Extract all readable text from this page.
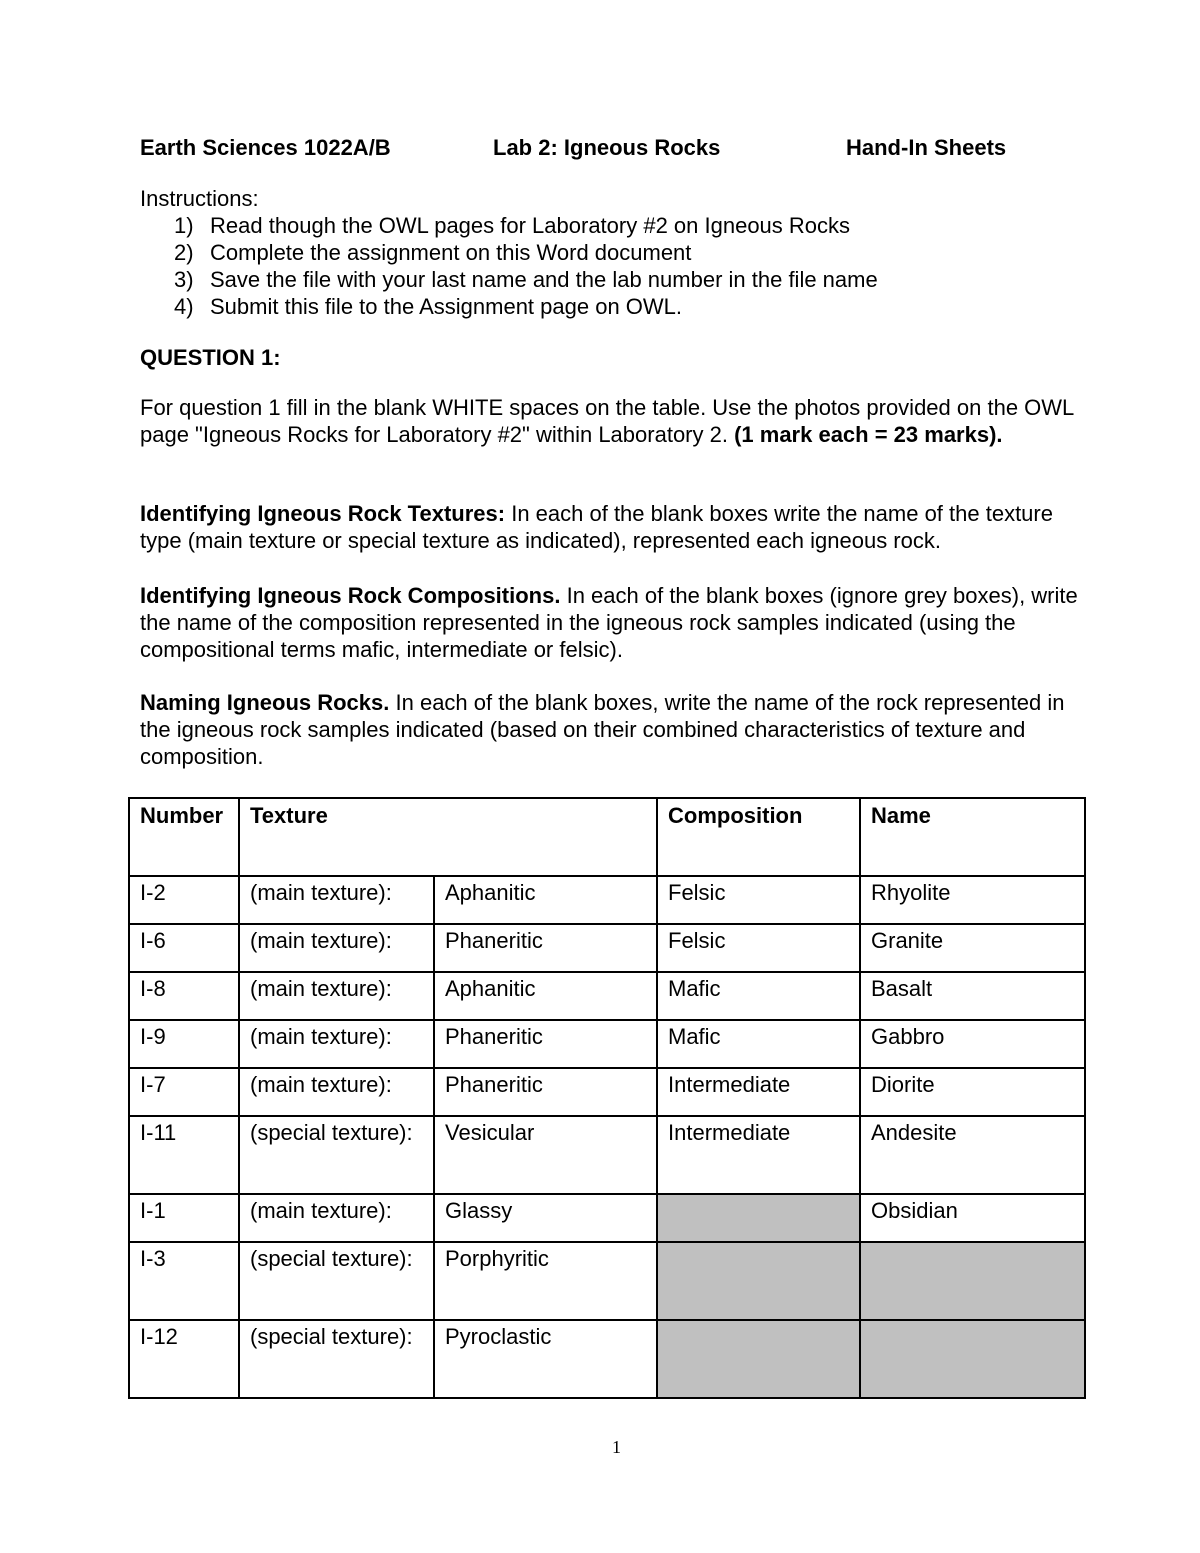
Earth Sciences 1022A/B	Lab 2: Igneous Rocks	Hand-In Sheets
Instructions:
1) Read though the OWL pages for Laboratory #2 on Igneous Rocks
2) Complete the assignment on this Word document
3) Save the file with your last name and the lab number in the file name
4) Submit this file to the Assignment page on OWL.
QUESTION 1:
For question 1 fill in the blank WHITE spaces on the table. Use the photos provided on the OWL page "Igneous Rocks for Laboratory #2" within Laboratory 2. (1 mark each = 23 marks).
Identifying Igneous Rock Textures: In each of the blank boxes write the name of the texture type (main texture or special texture as indicated), represented each igneous rock.
Identifying Igneous Rock Compositions. In each of the blank boxes (ignore grey boxes), write the name of the composition represented in the igneous rock samples indicated (using the compositional terms mafic, intermediate or felsic).
Naming Igneous Rocks. In each of the blank boxes, write the name of the rock represented in the igneous rock samples indicated (based on their combined characteristics of texture and composition.
Number	Texture		Composition	Name
I-2	(main texture):	Aphanitic	Felsic	Rhyolite
I-6	(main texture):	Phaneritic	Felsic	Granite
I-8	(main texture):	Aphanitic	Mafic	Basalt
I-9	(main texture):	Phaneritic	Mafic	Gabbro
I-7	(main texture):	Phaneritic	Intermediate	Diorite
I-11	(special texture):	Vesicular	Intermediate	Andesite
I-1	(main texture):	Glassy		Obsidian
I-3	(special texture):	Porphyritic		
I-12	(special texture):	Pyroclastic		
1
